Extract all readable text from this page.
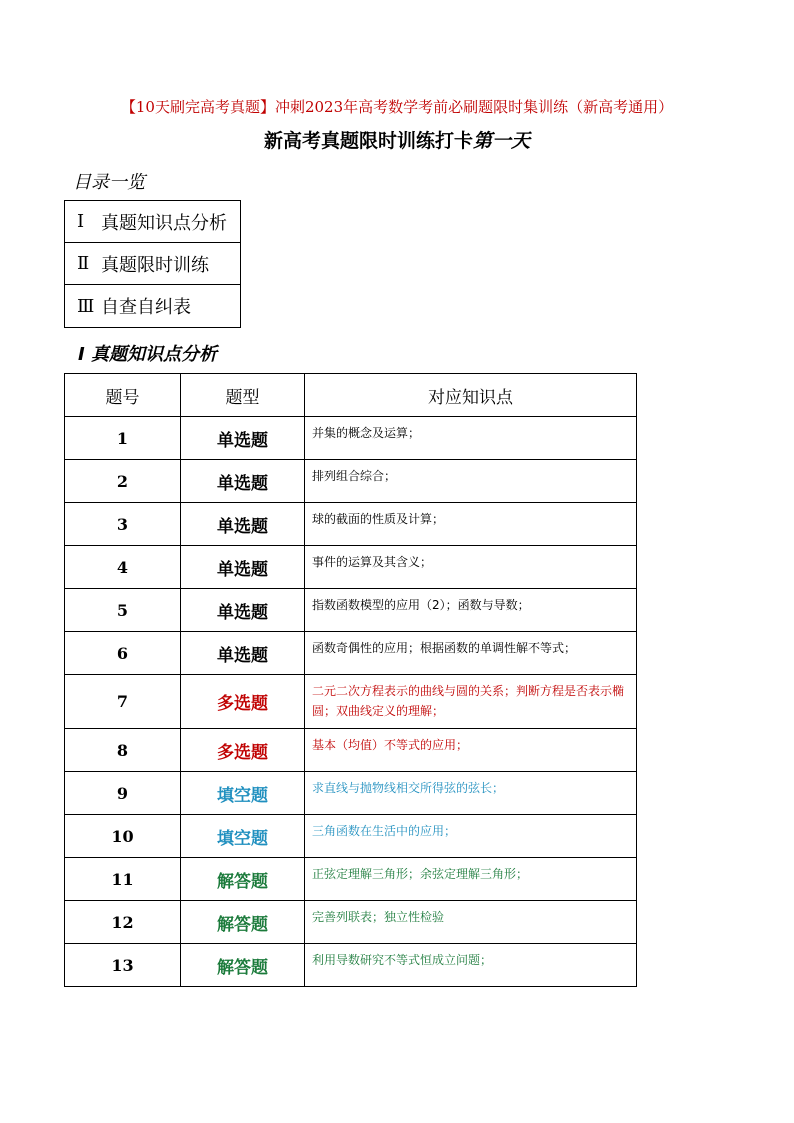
【10天刷完高考真题】冲刺2023年高考数学考前必刷题限时集训练（新高考通用）
新高考真题限时训练打卡第一天
目录一览
Ⅰ 真题知识点分析
Ⅱ 真题限时训练
Ⅲ 自查自纠表
Ⅰ 真题知识点分析
题号	题型	对应知识点
1	单选题	并集的概念及运算；
2	单选题	排列组合综合；
3	单选题	球的截面的性质及计算；
4	单选题	事件的运算及其含义；
5	单选题	指数函数模型的应用（2）；函数与导数；
6	单选题	函数奇偶性的应用；根据函数的单调性解不等式；
7	多选题	二元二次方程表示的曲线与圆的关系；判断方程是否表示椭圆；双曲线定义的理解；
8	多选题	基本（均值）不等式的应用；
9	填空题	求直线与抛物线相交所得弦的弦长；
10	填空题	三角函数在生活中的应用；
11	解答题	正弦定理解三角形；余弦定理解三角形；
12	解答题	完善列联表；独立性检验
13	解答题	利用导数研究不等式恒成立问题；
